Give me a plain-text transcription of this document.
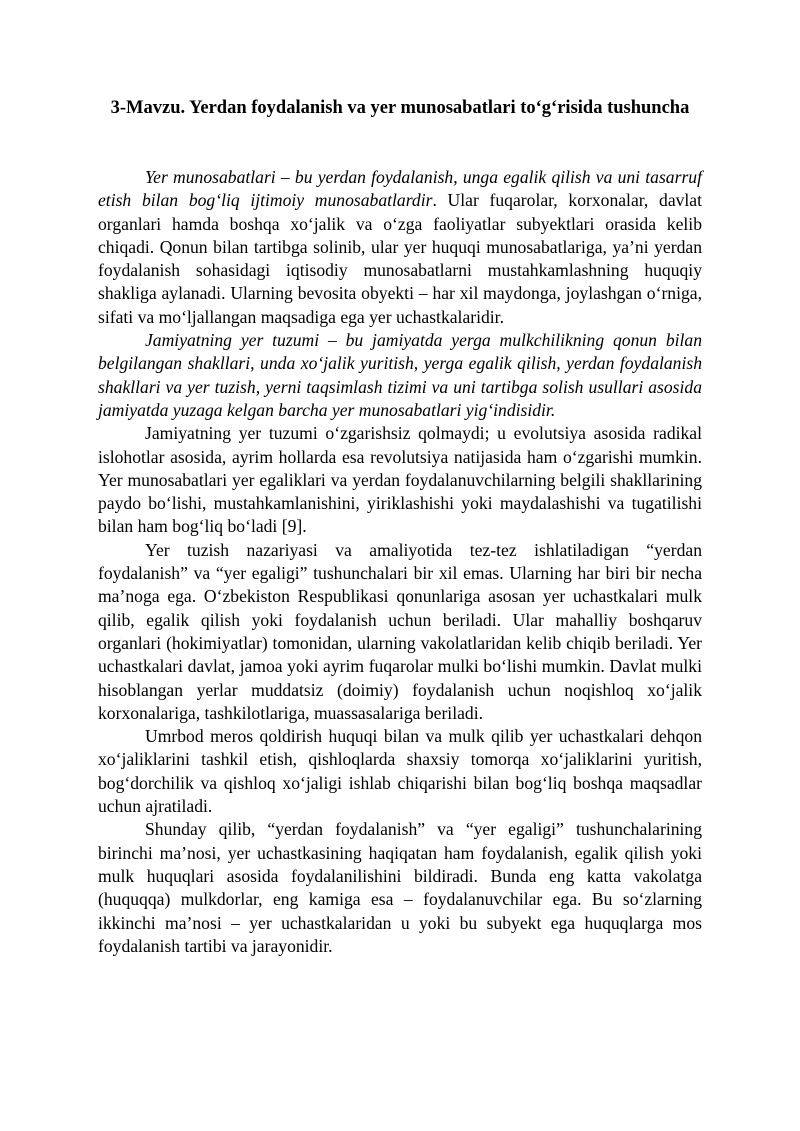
3-Mavzu. Yerdan foydalanish va yer munosabatlari to‘g‘risida tushuncha

Yer munosabatlari – bu yerdan foydalanish, unga egalik qilish va uni tasarruf etish bilan bog‘liq ijtimoiy munosabatlardir. Ular fuqarolar, korxonalar, davlat organlari hamda boshqa xo‘jalik va o‘zga faoliyatlar subyektlari orasida kelib chiqadi. Qonun bilan tartibga solinib, ular yer huquqi munosabatlariga, ya’ni yerdan foydalanish sohasidagi iqtisodiy munosabatlarni mustahkamlashning huquqiy shakliga aylanadi. Ularning bevosita obyekti – har xil maydonga, joylashgan o‘rniga, sifati va mo‘ljallangan maqsadiga ega yer uchastkalaridir.

Jamiyatning yer tuzumi – bu jamiyatda yerga mulkchilikning qonun bilan belgilangan shakllari, unda xo‘jalik yuritish, yerga egalik qilish, yerdan foydalanish shakllari va yer tuzish, yerni taqsimlash tizimi va uni tartibga solish usullari asosida jamiyatda yuzaga kelgan barcha yer munosabatlari yig‘indisidir.

Jamiyatning yer tuzumi o‘zgarishsiz qolmaydi; u evolutsiya asosida radikal islohotlar asosida, ayrim hollarda esa revolutsiya natijasida ham o‘zgarishi mumkin. Yer munosabatlari yer egaliklari va yerdan foydalanuvchilarning belgili shakllarining paydo bo‘lishi, mustahkamlanishini, yiriklashishi yoki maydalashishi va tugatilishi bilan ham bog‘liq bo‘ladi [9].

Yer tuzish nazariyasi va amaliyotida tez-tez ishlatiladigan “yerdan foydalanish” va “yer egaligi” tushunchalari bir xil emas. Ularning har biri bir necha ma’noga ega. O‘zbekiston Respublikasi qonunlariga asosan yer uchastkalari mulk qilib, egalik qilish yoki foydalanish uchun beriladi. Ular mahalliy boshqaruv organlari (hokimiyatlar) tomonidan, ularning vakolatlaridan kelib chiqib beriladi. Yer uchastkalari davlat, jamoa yoki ayrim fuqarolar mulki bo‘lishi mumkin. Davlat mulki hisoblangan yerlar muddatsiz (doimiy) foydalanish uchun noqishloq xo‘jalik korxonalariga, tashkilotlariga, muassasalariga beriladi.

Umrbod meros qoldirish huquqi bilan va mulk qilib yer uchastkalari dehqon xo‘jaliklarini tashkil etish, qishloqlarda shaxsiy tomorqa xo‘jaliklarini yuritish, bog‘dorchilik va qishloq xo‘jaligi ishlab chiqarishi bilan bog‘liq boshqa maqsadlar uchun ajratiladi.

Shunday qilib, “yerdan foydalanish” va “yer egaligi” tushunchalarining birinchi ma’nosi, yer uchastkasining haqiqatan ham foydalanish, egalik qilish yoki mulk huquqlari asosida foydalanilishini bildiradi. Bunda eng katta vakolatga (huquqqa) mulkdorlar, eng kamiga esa – foydalanuvchilar ega. Bu so‘zlarning ikkinchi ma’nosi – yer uchastkalaridan u yoki bu subyekt ega huquqlarga mos foydalanish tartibi va jarayonidir.
